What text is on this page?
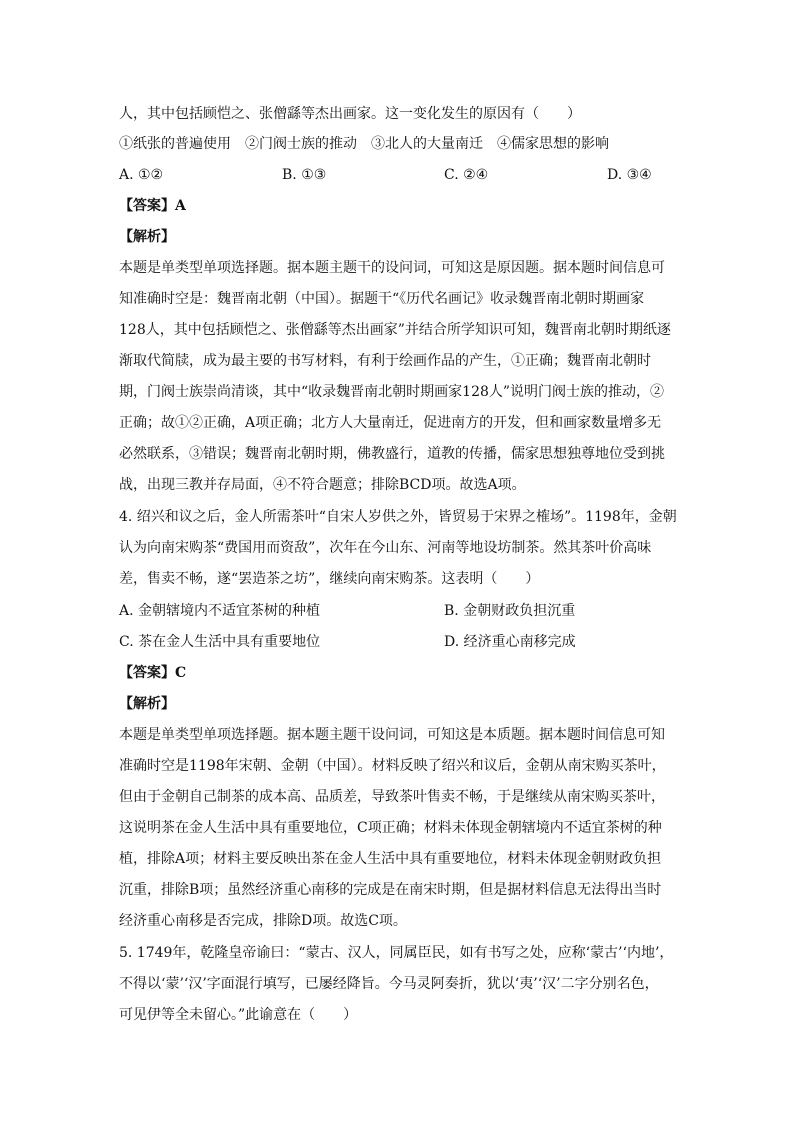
人，其中包括顾恺之、张僧繇等杰出画家。这一变化发生的原因有（　　）
①纸张的普遍使用　②门阀士族的推动　③北人的大量南迁　④儒家思想的影响
A. ①②	B. ①③	C. ②④	D. ③④
【答案】A
【解析】
本题是单类型单项选择题。据本题主题干的设问词，可知这是原因题。据本题时间信息可
知准确时空是：魏晋南北朝（中国）。据题干“《历代名画记》收录魏晋南北朝时期画家
128人，其中包括顾恺之、张僧繇等杰出画家”并结合所学知识可知，魏晋南北朝时期纸逐
渐取代简牍，成为最主要的书写材料，有利于绘画作品的产生，①正确；魏晋南北朝时
期，门阀士族崇尚清谈，其中“收录魏晋南北朝时期画家128人”说明门阀士族的推动，②
正确；故①②正确，A项正确；北方人大量南迁，促进南方的开发，但和画家数量增多无
必然联系，③错误；魏晋南北朝时期，佛教盛行，道教的传播，儒家思想独尊地位受到挑
战，出现三教并存局面，④不符合题意；排除BCD项。故选A项。
4. 绍兴和议之后，金人所需茶叶“自宋人岁供之外，皆贸易于宋界之榷场”。1198年，金朝
认为向南宋购茶“费国用而资敌”，次年在今山东、河南等地设坊制茶。然其茶叶价高味
差，售卖不畅，遂“罢造茶之坊”，继续向南宋购茶。这表明（　　）
A. 金朝辖境内不适宜茶树的种植	B. 金朝财政负担沉重
C. 茶在金人生活中具有重要地位	D. 经济重心南移完成
【答案】C
【解析】
本题是单类型单项选择题。据本题主题干设问词，可知这是本质题。据本题时间信息可知
准确时空是1198年宋朝、金朝（中国）。材料反映了绍兴和议后，金朝从南宋购买茶叶，
但由于金朝自己制茶的成本高、品质差，导致茶叶售卖不畅，于是继续从南宋购买茶叶，
这说明茶在金人生活中具有重要地位，C项正确；材料未体现金朝辖境内不适宜茶树的种
植，排除A项；材料主要反映出茶在金人生活中具有重要地位，材料未体现金朝财政负担
沉重，排除B项；虽然经济重心南移的完成是在南宋时期，但是据材料信息无法得出当时
经济重心南移是否完成，排除D项。故选C项。
5. 1749年，乾隆皇帝谕曰：“蒙古、汉人，同属臣民，如有书写之处，应称‘蒙古’‘内地’，
不得以‘蒙’‘汉’字面混行填写，已屡经降旨。今马灵阿奏折，犹以‘夷’‘汉’二字分别名色，
可见伊等全未留心。”此谕意在（　　）
